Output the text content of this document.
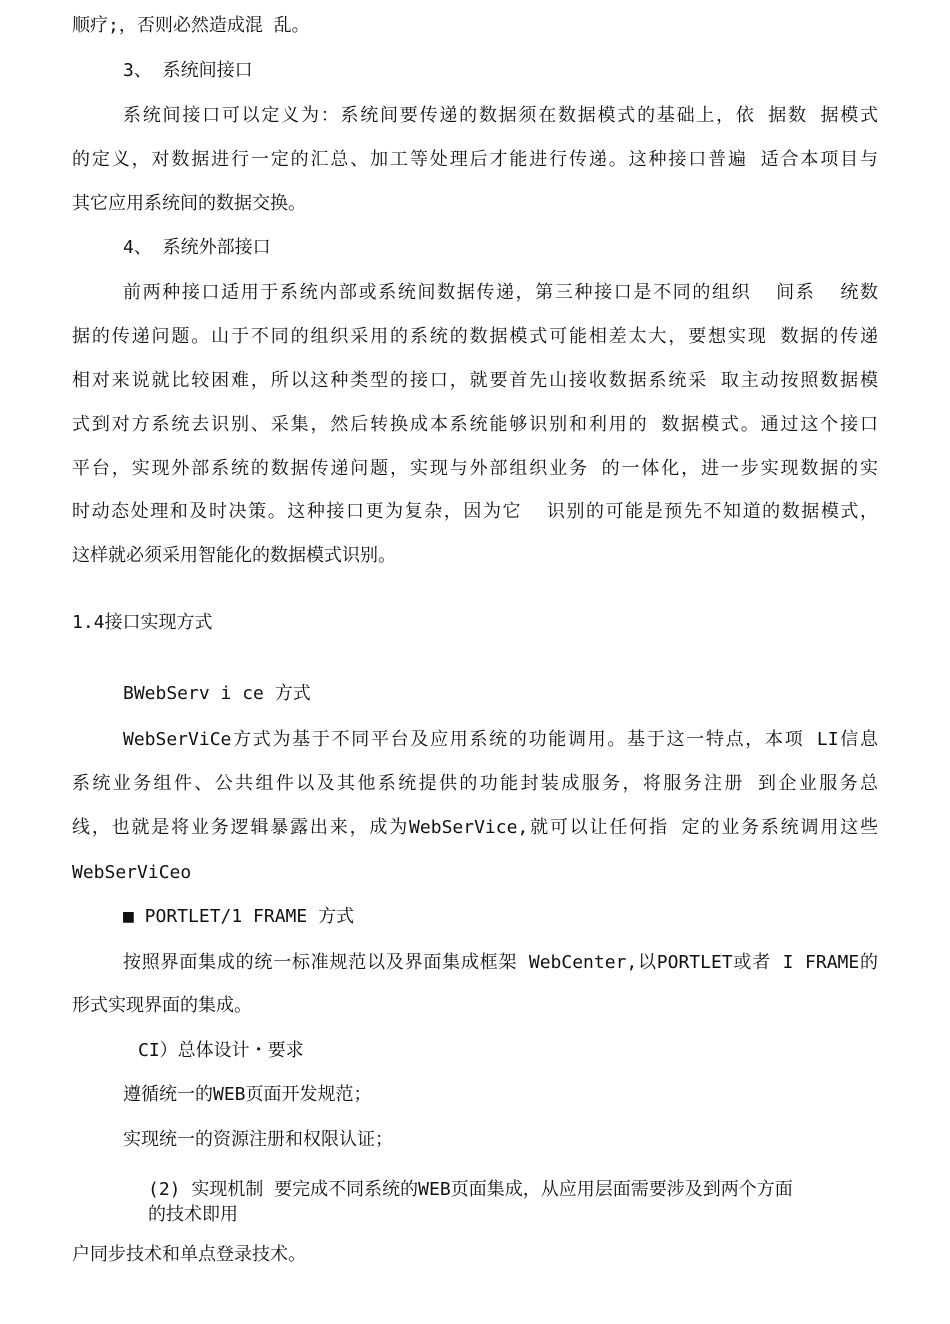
顺疗;，否则必然造成混 乱。
3、 系统间接口
系统间接口可以定义为：系统间要传递的数据须在数据模式的基础上，依 据数 据模式
的定义，对数据进行一定的汇总、加工等处理后才能进行传递。这种接口普遍 适合本项目与
其它应用系统间的数据交换。
4、 系统外部接口
前两种接口适用于系统内部或系统间数据传递，第三种接口是不同的组织  间系  统数
据的传递问题。山于不同的组织采用的系统的数据模式可能相差太大，要想实现 数据的传递
相对来说就比较困难，所以这种类型的接口，就要首先山接收数据系统采 取主动按照数据模
式到对方系统去识别、采集，然后转换成本系统能够识别和利用的 数据模式。通过这个接口
平台，实现外部系统的数据传递问题，实现与外部组织业务 的一体化，进一步实现数据的实
时动态处理和及时决策。这种接口更为复杂，因为它  识别的可能是预先不知道的数据模式，
这样就必须采用智能化的数据模式识别。
1.4接口实现方式
BWebServ i ce 方式
WebSerViCe方式为基于不同平台及应用系统的功能调用。基于这一特点，本项 LI信息
系统业务组件、公共组件以及其他系统提供的功能封装成服务，将服务注册 到企业服务总
线，也就是将业务逻辑暴露出来，成为WebSerVice,就可以让任何指 定的业务系统调用这些
WebSerViCeo
■ PORTLET/1 FRAME 方式
按照界面集成的统一标准规范以及界面集成框架 WebCenter,以PORTLET或者 I FRAME的
形式实现界面的集成。
CI）总体设计・要求
遵循统一的WEB页面开发规范；
实现统一的资源注册和权限认证；
(2) 实现机制 要完成不同系统的WEB页面集成，从应用层面需要涉及到两个方面
的技术即用
户同步技术和单点登录技术。
